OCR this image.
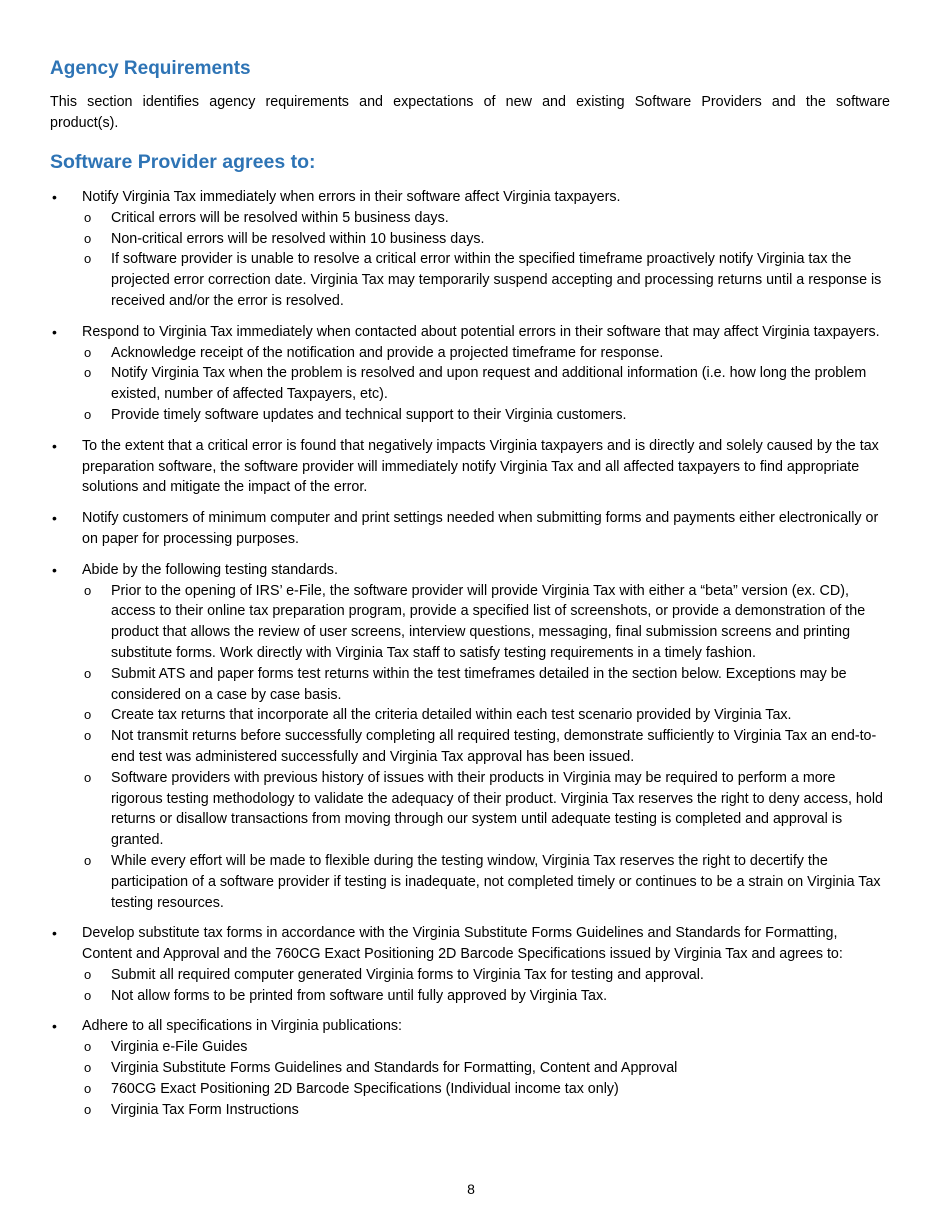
Agency Requirements

This section identifies agency requirements and expectations of new and existing Software Providers and the software product(s).

Software Provider agrees to:
• Notify Virginia Tax immediately when errors in their software affect Virginia taxpayers.
o Critical errors will be resolved within 5 business days.
o Non-critical errors will be resolved within 10 business days.
o If software provider is unable to resolve a critical error within the specified timeframe proactively notify Virginia tax the projected error correction date. Virginia Tax may temporarily suspend accepting and processing returns until a response is received and/or the error is resolved.
• Respond to Virginia Tax immediately when contacted about potential errors in their software that may affect Virginia taxpayers.
o Acknowledge receipt of the notification and provide a projected timeframe for response.
o Notify Virginia Tax when the problem is resolved and upon request and additional information (i.e. how long the problem existed, number of affected Taxpayers, etc).
o Provide timely software updates and technical support to their Virginia customers.
• To the extent that a critical error is found that negatively impacts Virginia taxpayers and is directly and solely caused by the tax preparation software, the software provider will immediately notify Virginia Tax and all affected taxpayers to find appropriate solutions and mitigate the impact of the error.
• Notify customers of minimum computer and print settings needed when submitting forms and payments either electronically or on paper for processing purposes.
• Abide by the following testing standards.
o Prior to the opening of IRS’ e-File, the software provider will provide Virginia Tax with either a “beta” version (ex. CD), access to their online tax preparation program, provide a specified list of screenshots, or provide a demonstration of the product that allows the review of user screens, interview questions, messaging, final submission screens and printing substitute forms. Work directly with Virginia Tax staff to satisfy testing requirements in a timely fashion.
o Submit ATS and paper forms test returns within the test timeframes detailed in the section below. Exceptions may be considered on a case by case basis.
o Create tax returns that incorporate all the criteria detailed within each test scenario provided by Virginia Tax.
o Not transmit returns before successfully completing all required testing, demonstrate sufficiently to Virginia Tax an end-to-end test was administered successfully and Virginia Tax approval has been issued.
o Software providers with previous history of issues with their products in Virginia may be required to perform a more rigorous testing methodology to validate the adequacy of their product. Virginia Tax reserves the right to deny access, hold returns or disallow transactions from moving through our system until adequate testing is completed and approval is granted.
o While every effort will be made to flexible during the testing window, Virginia Tax reserves the right to decertify the participation of a software provider if testing is inadequate, not completed timely or continues to be a strain on Virginia Tax testing resources.
• Develop substitute tax forms in accordance with the Virginia Substitute Forms Guidelines and Standards for Formatting, Content and Approval and the 760CG Exact Positioning 2D Barcode Specifications issued by Virginia Tax and agrees to:
o Submit all required computer generated Virginia forms to Virginia Tax for testing and approval.
o Not allow forms to be printed from software until fully approved by Virginia Tax.
• Adhere to all specifications in Virginia publications:
o Virginia e-File Guides
o Virginia Substitute Forms Guidelines and Standards for Formatting, Content and Approval
o 760CG Exact Positioning 2D Barcode Specifications (Individual income tax only)
o Virginia Tax Form Instructions
8
